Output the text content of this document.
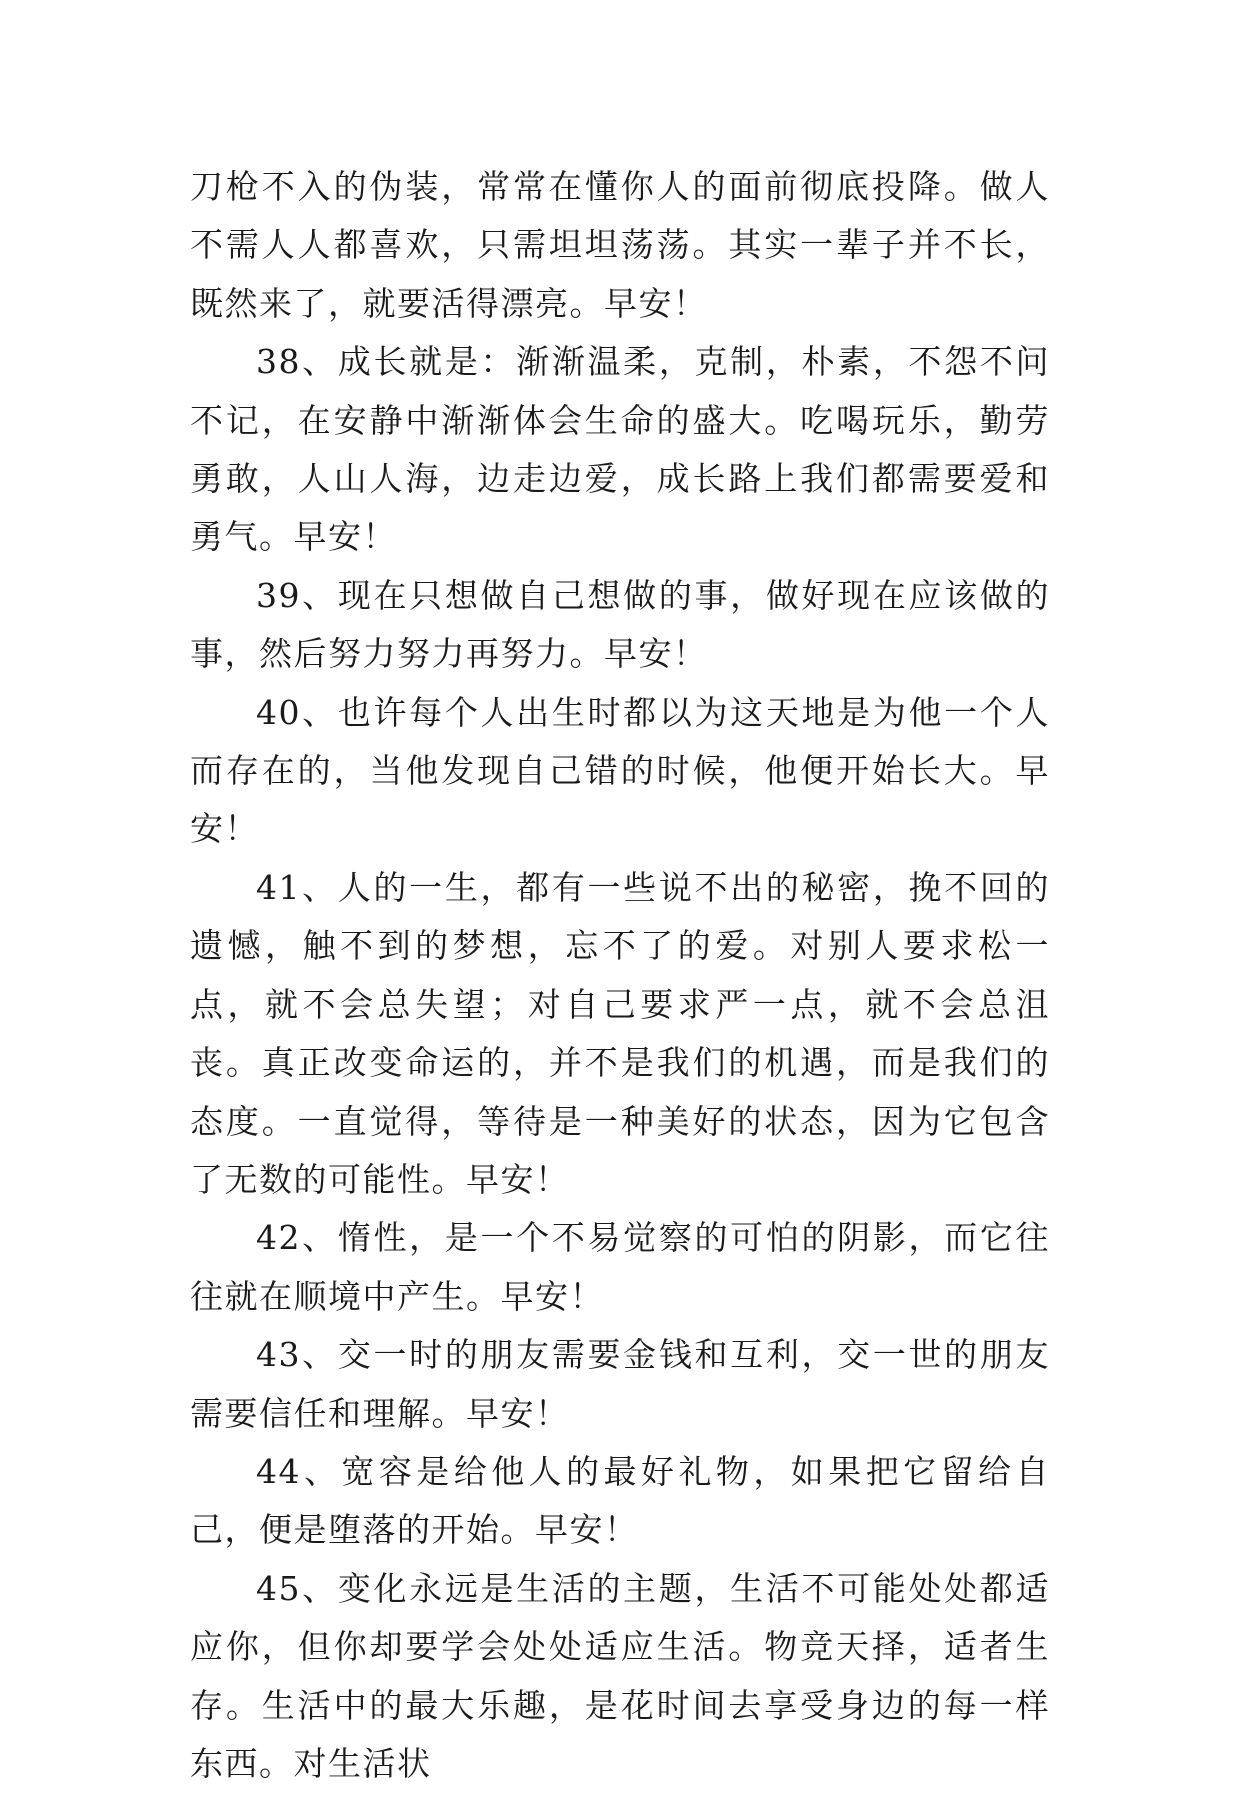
刀枪不入的伪装，常常在懂你人的面前彻底投降。做人不需人人都喜欢，只需坦坦荡荡。其实一辈子并不长，既然来了，就要活得漂亮。早安！

38、成长就是：渐渐温柔，克制，朴素，不怨不问不记，在安静中渐渐体会生命的盛大。吃喝玩乐，勤劳勇敢，人山人海，边走边爱，成长路上我们都需要爱和勇气。早安！

39、现在只想做自己想做的事，做好现在应该做的事，然后努力努力再努力。早安！

40、也许每个人出生时都以为这天地是为他一个人而存在的，当他发现自己错的时候，他便开始长大。早安！

41、人的一生，都有一些说不出的秘密，挽不回的遗憾，触不到的梦想，忘不了的爱。对别人要求松一点，就不会总失望；对自己要求严一点，就不会总沮丧。真正改变命运的，并不是我们的机遇，而是我们的态度。一直觉得，等待是一种美好的状态，因为它包含了无数的可能性。早安！

42、惰性，是一个不易觉察的可怕的阴影，而它往往就在顺境中产生。早安！

43、交一时的朋友需要金钱和互利，交一世的朋友需要信任和理解。早安！

44、宽容是给他人的最好礼物，如果把它留给自己，便是堕落的开始。早安！

45、变化永远是生活的主题，生活不可能处处都适应你，但你却要学会处处适应生活。物竞天择，适者生存。生活中的最大乐趣，是花时间去享受身边的每一样东西。对生活状
